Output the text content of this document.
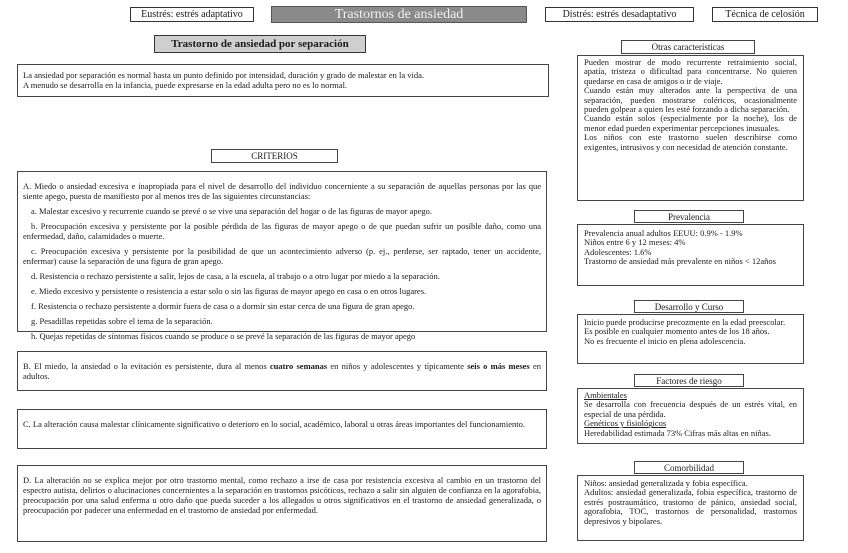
Eustrés: estrés adaptativo	Trastornos de ansiedad	Distrés: estrés desadaptativo	Técnica de celosión
Trastorno de ansiedad por separación
La ansiedad por separación es normal hasta un punto definido por intensidad, duración y grado de malestar en la vida.
A menudo se desarrolla en la infancia, puede expresarse en la edad adulta pero no es lo normal.
CRITERIOS

A. Miedo o ansiedad excesiva e inapropiada para el nivel de desarrollo del individuo concerniente a su separación de aquellas personas por las que siente apego, puesta de manifiesto por al menos tres de las siguientes circunstancias:

a. Malestar excesivo y recurrente cuando se prevé o se vive una separación del hogar o de las figuras de mayor apego.

b. Preocupación excesiva y persistente por la posible pérdida de las figuras de mayor apego o de que puedan sufrir un posible daño, como una enfermedad, daño, calamidades o muerte.

c. Preocupación excesiva y persistente por la posibilidad de que un acontecimiento adverso (p. ej., perderse, ser raptado, tener un accidente, enfermar) cause la separación de una figura de gran apego.

d. Resistencia o rechazo persistente a salir, lejos de casa, a la escuela, al trabajo o a otro lugar por miedo a la separación.

e. Miedo excesivo y persistente o resistencia a estar solo o sin las figuras de mayor apego en casa o en otros lugares.

f. Resistencia o rechazo persistente a dormir fuera de casa o a dormir sin estar cerca de una figura de gran apego.

g. Pesadillas repetidas sobre el tema de la separación.

h. Quejas repetidas de síntomas físicos cuando se produce o se prevé la separación de las figuras de mayor apego

B. El miedo, la ansiedad o la evitación es persistente, dura al menos cuatro semanas en niños y adolescentes y típicamente seis o más meses en adultos.
C. La alteración causa malestar clínicamente significativo o deterioro en lo social, académico, laboral u otras áreas importantes del funcionamiento.
D. La alteración no se explica mejor por otro trastorno mental, como rechazo a irse de casa por resistencia excesiva al cambio en un trastorno del espectro autista, delirios o alucinaciones concernientes a la separación en trastornos psicóticos, rechazo a salir sin alguien de confianza en la agorafobia, preocupación por una salud enferma u otro daño que pueda suceder a los allegados u otros significativos en el trastorno de ansiedad generalizada, o preocupación por padecer una enfermedad en el trastorno de ansiedad por enfermedad.
Otras características

Pueden mostrar de modo recurrente retraimiento social, apatía, tristeza o dificultad para concentrarse. No quieren quedarse en casa de amigos o ir de viaje.

Cuando están muy alterados ante la perspectiva de una separación, pueden mostrarse coléricos, ocasionalmente pueden golpear a quien les esté forzando a dicha separación.

Cuando están solos (especialmente por la noche), los de menor edad pueden experimentar percepciones inusuales.

Los niños con este trastorno suelen describirse como exigentes, intrusivos y con necesidad de atención constante.

Prevalencia

Prevalencia anual adultos EEUU: 0.9% - 1.9%

Niños entre 6 y 12 meses: 4%

Adolescentes: 1.6%

Trastorno de ansiedad más prevalente en niños < 12años

Desarrollo y Curso

Inicio puede producirse precozmente en la edad preescolar.

Es posible en cualquier momento antes de los 18 años.

No es frecuente el inicio en plena adolescencia.

Factores de riesgo

Ambientales

Se desarrolla con frecuencia después de un estrés vital, en especial de una pérdida.

Genéticos y fisiológicos

Heredabilidad estimada 73% Cifras más altas en niñas.

Comorbilidad

Niños: ansiedad generalizada y fobia específica.

Adultos: ansiedad generalizada, fobia específica, trastorno de estrés postraumático, trastorno de pánico, ansiedad social, agorafobia, TOC, trastornos de personalidad, trastornos depresivos y bipolares.
